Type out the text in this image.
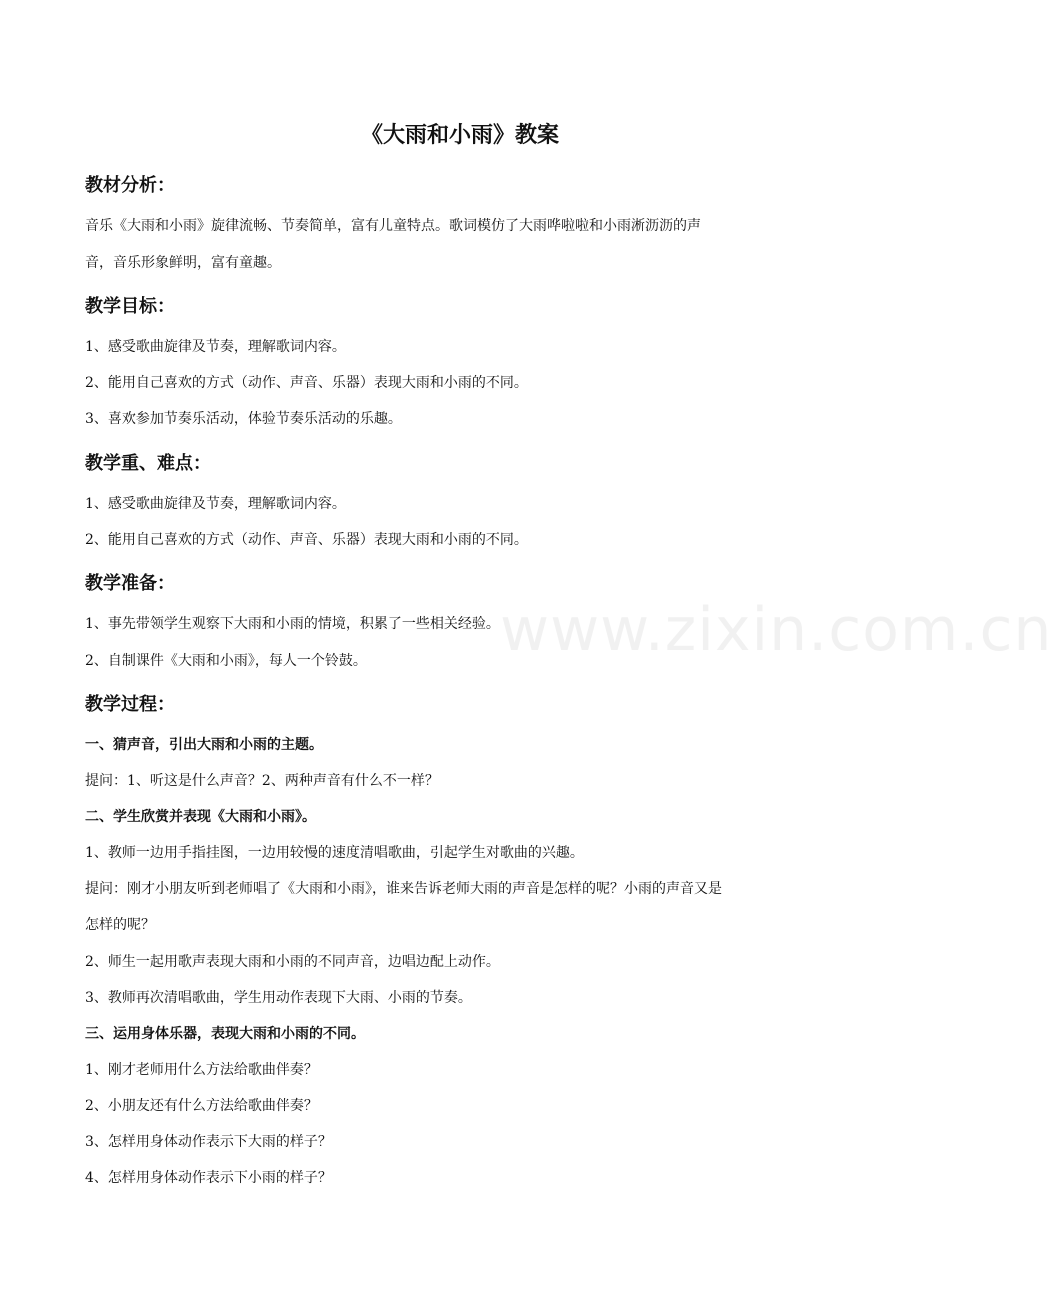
www.zixin.com.cn
《大雨和小雨》教案
教材分析：
音乐《大雨和小雨》旋律流畅、节奏简单，富有儿童特点。歌词模仿了大雨哗啦啦和小雨淅沥沥的声
音，音乐形象鲜明，富有童趣。
教学目标：
1、感受歌曲旋律及节奏，理解歌词内容。
2、能用自己喜欢的方式（动作、声音、乐器）表现大雨和小雨的不同。
3、喜欢参加节奏乐活动，体验节奏乐活动的乐趣。
教学重、难点：
1、感受歌曲旋律及节奏，理解歌词内容。
2、能用自己喜欢的方式（动作、声音、乐器）表现大雨和小雨的不同。
教学准备：
1、事先带领学生观察下大雨和小雨的情境，积累了一些相关经验。
2、自制课件《大雨和小雨》，每人一个铃鼓。
教学过程：
一、猜声音，引出大雨和小雨的主题。
提问：1、听这是什么声音？2、两种声音有什么不一样？
二、学生欣赏并表现《大雨和小雨》。
1、教师一边用手指挂图，一边用较慢的速度清唱歌曲，引起学生对歌曲的兴趣。
提问：刚才小朋友听到老师唱了《大雨和小雨》，谁来告诉老师大雨的声音是怎样的呢？小雨的声音又是
怎样的呢？
2、师生一起用歌声表现大雨和小雨的不同声音，边唱边配上动作。
3、教师再次清唱歌曲，学生用动作表现下大雨、小雨的节奏。
三、运用身体乐器，表现大雨和小雨的不同。
1、刚才老师用什么方法给歌曲伴奏？
2、小朋友还有什么方法给歌曲伴奏？
3、怎样用身体动作表示下大雨的样子？
4、怎样用身体动作表示下小雨的样子？
